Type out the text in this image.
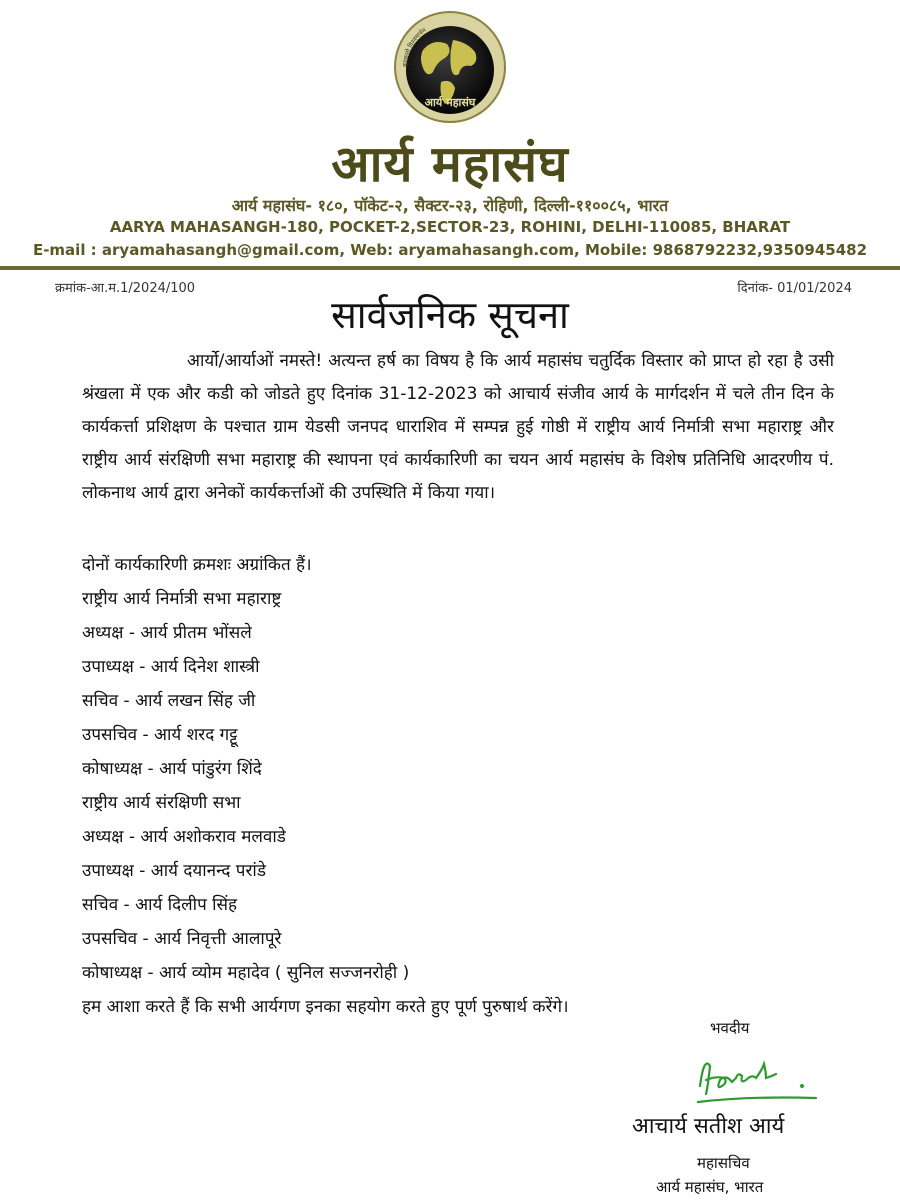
कृण्वन्तो विश्वमार्यम
आर्य महासंघ
आर्य महासंघ
आर्य महासंघ- १८०, पॉकेट-२, सैक्टर-२३, रोहिणी, दिल्ली-११००८५, भारत
AARYA MAHASANGH-180, POCKET-2,SECTOR-23, ROHINI, DELHI-110085, BHARAT
E-mail : aryamahasangh@gmail.com, Web: aryamahasangh.com, Mobile: 9868792232,9350945482
क्रमांक-आ.म.1/2024/100	दिनांक- 01/01/2024
सार्वजनिक सूचना
आर्यो/आर्याओं नमस्ते! अत्यन्त हर्ष का विषय है कि आर्य महासंघ चतुर्दिक विस्तार को प्राप्त हो रहा है उसी श्रंखला में एक और कडी को जोडते हुए दिनांक 31-12-2023 को आचार्य संजीव आर्य के मार्गदर्शन में चले तीन दिन के कार्यकर्त्ता प्रशिक्षण के पश्चात ग्राम येडसी जनपद धाराशिव में सम्पन्न हुई गोष्ठी में राष्ट्रीय आर्य निर्मात्री सभा महाराष्ट्र और राष्ट्रीय आर्य संरक्षिणी सभा महाराष्ट्र की स्थापना एवं कार्यकारिणी का चयन आर्य महासंघ के विशेष प्रतिनिधि आदरणीय पं. लोकनाथ आर्य द्वारा अनेकों कार्यकर्त्ताओं की उपस्थिति में किया गया।
दोनों कार्यकारिणी क्रमशः अग्रांकित हैं।
राष्ट्रीय आर्य निर्मात्री सभा महाराष्ट्र
अध्यक्ष - आर्य प्रीतम भोंसले
उपाध्यक्ष - आर्य दिनेश शास्त्री
सचिव - आर्य लखन सिंह जी
उपसचिव - आर्य शरद गट्टू
कोषाध्यक्ष - आर्य पांडुरंग शिंदे
राष्ट्रीय आर्य संरक्षिणी सभा
अध्यक्ष - आर्य अशोकराव मलवाडे
उपाध्यक्ष - आर्य दयानन्द परांडे
सचिव - आर्य दिलीप सिंह
उपसचिव - आर्य निवृत्ती आलापूरे
कोषाध्यक्ष - आर्य व्योम महादेव ( सुनिल सज्जनरोही )
हम आशा करते हैं कि सभी आर्यगण इनका सहयोग करते हुए पूर्ण पुरुषार्थ करेंगे।
भवदीय
आचार्य सतीश आर्य
महासचिव
आर्य महासंघ, भारत
